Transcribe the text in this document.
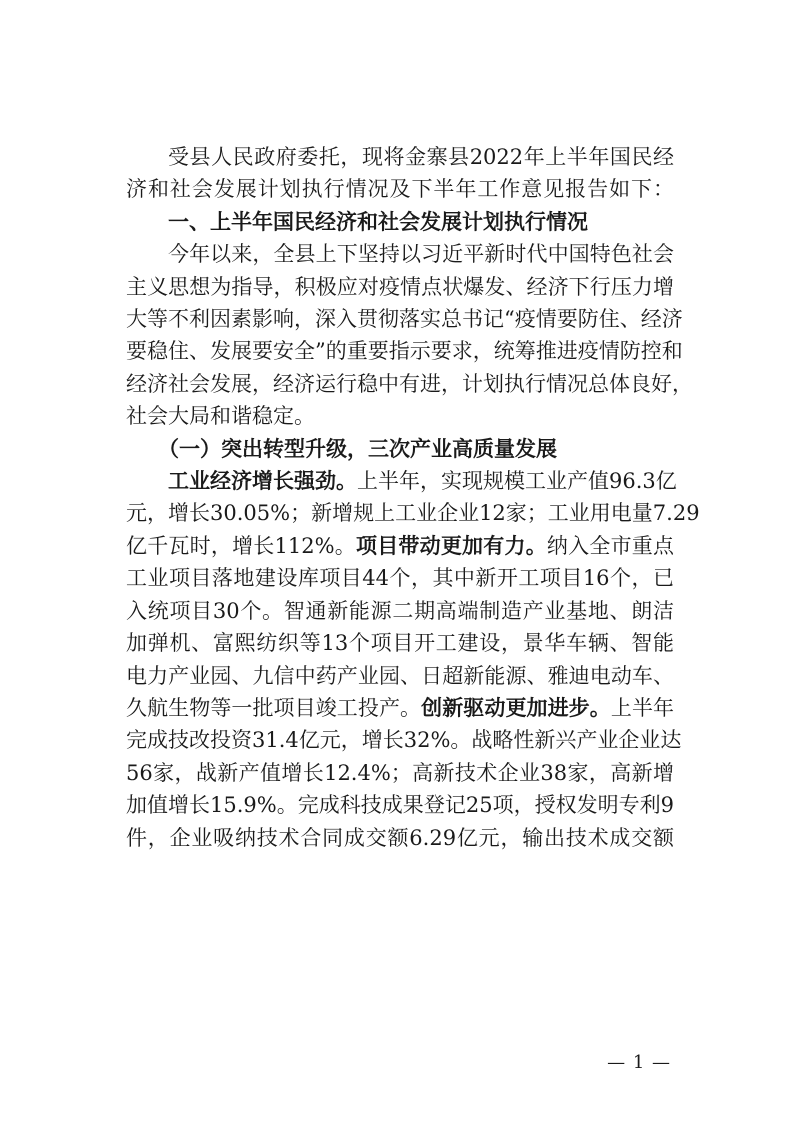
受县人民政府委托，现将金寨县2022年上半年国民经
济和社会发展计划执行情况及下半年工作意见报告如下：
一、上半年国民经济和社会发展计划执行情况
今年以来，全县上下坚持以习近平新时代中国特色社会
主义思想为指导，积极应对疫情点状爆发、经济下行压力增
大等不利因素影响，深入贯彻落实总书记“疫情要防住、经济
要稳住、发展要安全”的重要指示要求，统筹推进疫情防控和
经济社会发展，经济运行稳中有进，计划执行情况总体良好，
社会大局和谐稳定。
（一）突出转型升级，三次产业高质量发展
工业经济增长强劲。上半年，实现规模工业产值96.3亿
元，增长30.05%；新增规上工业企业12家；工业用电量7.29
亿千瓦时，增长112%。项目带动更加有力。纳入全市重点
工业项目落地建设库项目44个，其中新开工项目16个，已
入统项目30个。智通新能源二期高端制造产业基地、朗洁
加弹机、富熙纺织等13个项目开工建设，景华车辆、智能
电力产业园、九信中药产业园、日超新能源、雅迪电动车、
久航生物等一批项目竣工投产。创新驱动更加进步。上半年
完成技改投资31.4亿元，增长32%。战略性新兴产业企业达
56家，战新产值增长12.4%；高新技术企业38家，高新增
加值增长15.9%。完成科技成果登记25项，授权发明专利9
件，企业吸纳技术合同成交额6.29亿元，输出技术成交额
— 1 —
